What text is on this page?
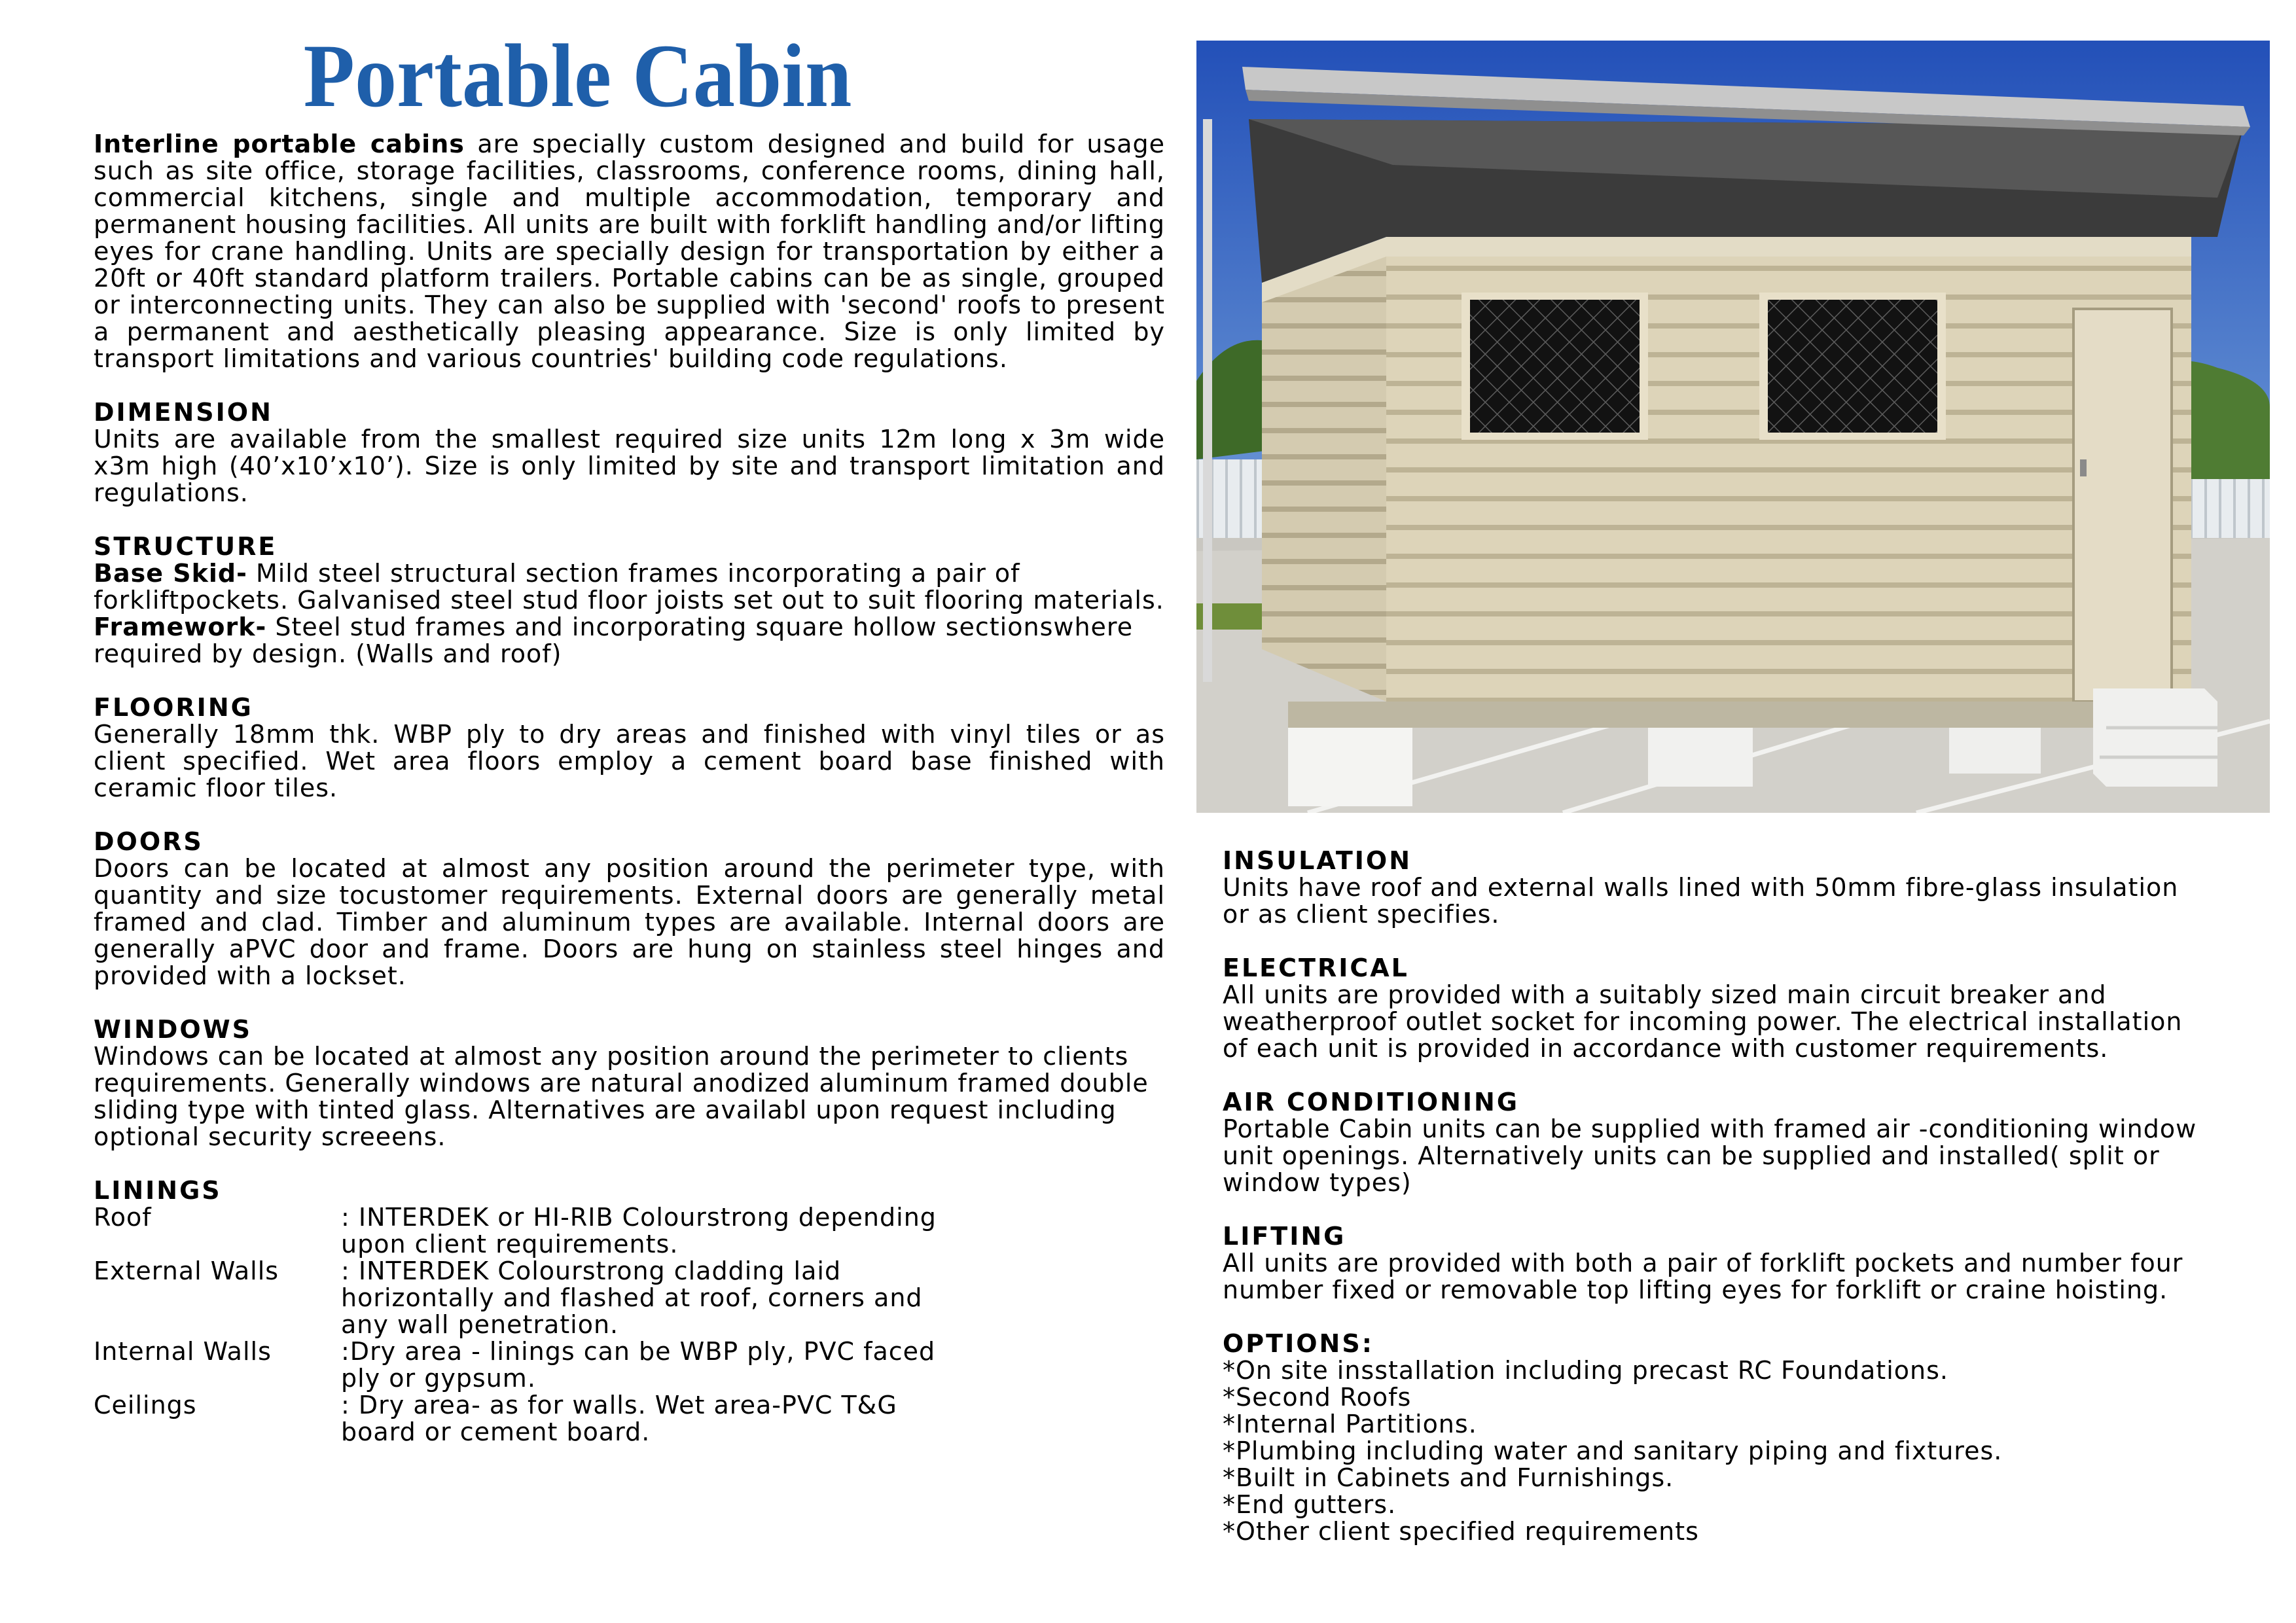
Portable Cabin

Interline portable cabins are specially custom designed and build for usage such as site office, storage facilities, classrooms, conference rooms, dining hall, commercial kitchens, single and multiple accommodation, temporary and permanent housing facilities. All units are built with forklift handling and/or lifting eyes for crane handling. Units are specially design for transportation by either a 20ft or 40ft standard platform trailers. Portable cabins can be as single, grouped or interconnecting units. They can also be supplied with 'second' roofs to present a permanent and aesthetically pleasing appearance. Size is only limited by transport limitations and various countries' building code regulations.

DIMENSION

Units are available from the smallest required size units 12m long x 3m wide x3m high (40’x10’x10’). Size is only limited by site and transport limitation and regulations.

STRUCTURE

Base Skid- Mild steel structural section frames incorporating a pair of forkliftpockets. Galvanised steel stud floor joists set out to suit flooring materials.

Framework- Steel stud frames and incorporating square hollow sectionswhere required by design. (Walls and roof)

FLOORING

Generally 18mm thk. WBP ply to dry areas and finished with vinyl tiles or as client specified. Wet area floors employ a cement board base finished with ceramic floor tiles.

DOORS

Doors can be located at almost any position around the perimeter type, with quantity and size tocustomer requirements. External doors are generally metal framed and clad. Timber and aluminum types are available. Internal doors are generally aPVC door and frame. Doors are hung on stainless steel hinges and provided with a lockset.

WINDOWS

Windows can be located at almost any position around the perimeter to clients requirements. Generally windows are natural anodized aluminum framed double sliding type with tinted glass. Alternatives are availabl upon request including optional security screeens.

LININGS
Roof	: INTERDEK or HI-RIB Colourstrong depending
upon client requirements.
External Walls	: INTERDEK Colourstrong cladding laid
horizontally and flashed at roof, corners and
any wall penetration.
Internal Walls	:Dry area - linings can be WBP ply, PVC faced
ply or gypsum.
Ceilings	: Dry area- as for walls. Wet area-PVC T&G
board or cement board.
INSULATION

Units have roof and external walls lined with 50mm fibre-glass insulation or as client specifies.

ELECTRICAL

All units are provided with a suitably sized main circuit breaker and weatherproof outlet socket for incoming power. The electrical installation of each unit is provided in accordance with customer requirements.

AIR CONDITIONING

Portable Cabin units can be supplied with framed air -conditioning window unit openings. Alternatively units can be supplied and installed( split or window types)

LIFTING

All units are provided with both a pair of forklift pockets and number four number fixed or removable top lifting eyes for forklift or craine hoisting.

OPTIONS:

*On site insstallation including precast RC Foundations.

*Second Roofs

*Internal Partitions.

*Plumbing including water and sanitary piping and fixtures.

*Built in Cabinets and Furnishings.

*End gutters.

*Other client specified requirements
